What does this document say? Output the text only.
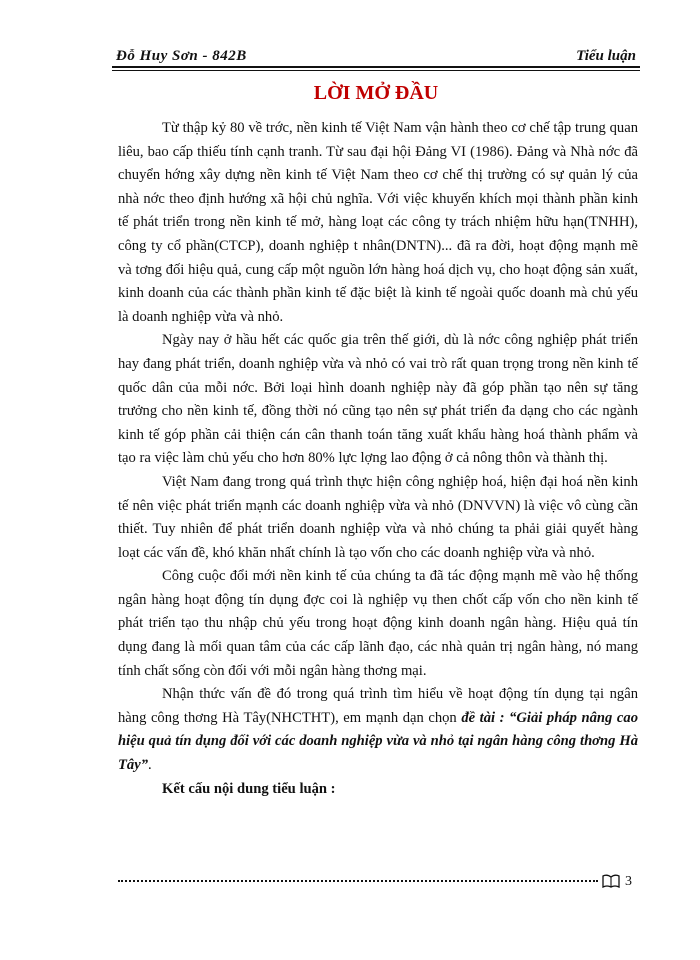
Đỗ Huy Sơn - 842B	Tiểu luận
LỜI MỞ ĐẦU

Từ thập kỷ 80 về trớc, nền kinh tế Việt Nam vận hành theo cơ chế tập trung quan liêu, bao cấp thiếu tính cạnh tranh. Từ sau đại hội Đảng VI (1986). Đảng và Nhà nớc đã chuyển hớng xây dựng nền kinh tế Việt Nam theo cơ chế thị trường có sự quản lý của nhà nớc theo định hướng xã hội chủ nghĩa. Với việc khuyến khích mọi thành phần kinh tế phát triển trong nền kinh tế mở, hàng loạt các công ty trách nhiệm hữu hạn(TNHH), công ty cổ phần(CTCP), doanh nghiệp t nhân(DNTN)... đã ra đời, hoạt động mạnh mẽ và tơng đối hiệu quả, cung cấp một nguồn lớn hàng hoá dịch vụ, cho hoạt động sản xuất, kinh doanh của các thành phần kinh tế đặc biệt là kinh tế ngoài quốc doanh mà chủ yếu là doanh nghiệp vừa và nhỏ.

Ngày nay ở hầu hết các quốc gia trên thế giới, dù là nớc công nghiệp phát triển hay đang phát triển, doanh nghiệp vừa và nhỏ có vai trò rất quan trọng trong nền kinh tế quốc dân của mỗi nớc. Bởi loại hình doanh nghiệp này đã góp phần tạo nên sự tăng trưởng cho nền kinh tế, đồng thời nó cũng tạo nên sự phát triển đa dạng cho các ngành kinh tế góp phần cải thiện cán cân thanh toán tăng xuất khẩu hàng hoá thành phẩm và tạo ra việc làm chủ yếu cho hơn 80% lực lợng lao động ở cả nông thôn và thành thị.

Việt Nam đang trong quá trình thực hiện công nghiệp hoá, hiện đại hoá nền kinh tế nên việc phát triển mạnh các doanh nghiệp vừa và nhỏ (DNVVN) là việc vô cùng cần thiết. Tuy nhiên để phát triển doanh nghiệp vừa và nhỏ chúng ta phải giải quyết hàng loạt các vấn đề, khó khăn nhất chính là tạo vốn cho các doanh nghiệp vừa và nhỏ.

Công cuộc đổi mới nền kinh tế của chúng ta đã tác động mạnh mẽ vào hệ thống ngân hàng hoạt động tín dụng đợc coi là nghiệp vụ then chốt cấp vốn cho nền kinh tế phát triển tạo thu nhập chủ yếu trong hoạt động kinh doanh ngân hàng. Hiệu quả tín dụng đang là mối quan tâm của các cấp lãnh đạo, các nhà quản trị ngân hàng, nó mang tính chất sống còn đối với mỗi ngân hàng thơng mại.

Nhận thức vấn đề đó trong quá trình tìm hiểu về hoạt động tín dụng tại ngân hàng công thơng Hà Tây(NHCTHT), em mạnh dạn chọn đề tài : “Giải pháp nâng cao hiệu quả tín dụng đối với các doanh nghiệp vừa và nhỏ tại ngân hàng công thơng Hà Tây”.

Kết cấu nội dung tiểu luận :

3
